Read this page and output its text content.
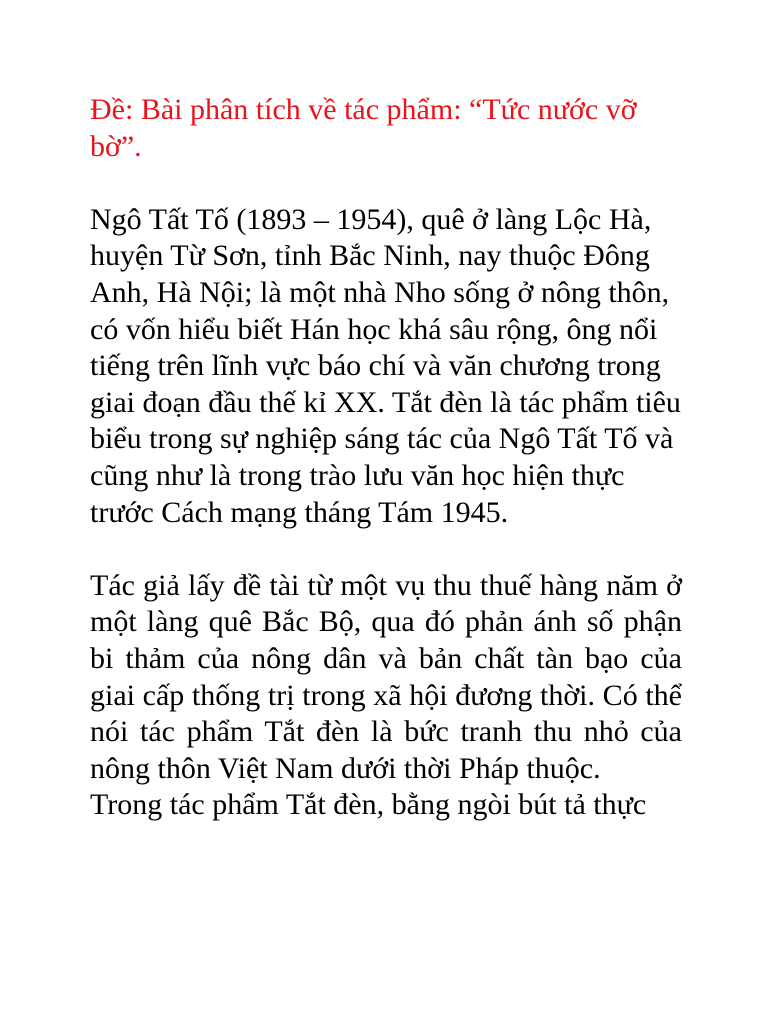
Đề: Bài phân tích về tác phẩm: “Tức nước vỡ bờ”.

Ngô Tất Tố (1893 – 1954), quê ở làng Lộc Hà, huyện Từ Sơn, tỉnh Bắc Ninh, nay thuộc Đông Anh, Hà Nội; là một nhà Nho sống ở nông thôn, có vốn hiểu biết Hán học khá sâu rộng, ông nổi tiếng trên lĩnh vực báo chí và văn chương trong giai đoạn đầu thế kỉ XX. Tắt đèn là tác phẩm tiêu biểu trong sự nghiệp sáng tác của Ngô Tất Tố và cũng như là trong trào lưu văn học hiện thực trước Cách mạng tháng Tám 1945.

Tác giả lấy đề tài từ một vụ thu thuế hàng năm ở một làng quê Bắc Bộ, qua đó phản ánh số phận bi thảm của nông dân và bản chất tàn bạo của giai cấp thống trị trong xã hội đương thời. Có thể nói tác phẩm Tắt đèn là bức tranh thu nhỏ của nông thôn Việt Nam dưới thời Pháp thuộc.

Trong tác phẩm Tắt đèn, bằng ngòi bút tả thực
